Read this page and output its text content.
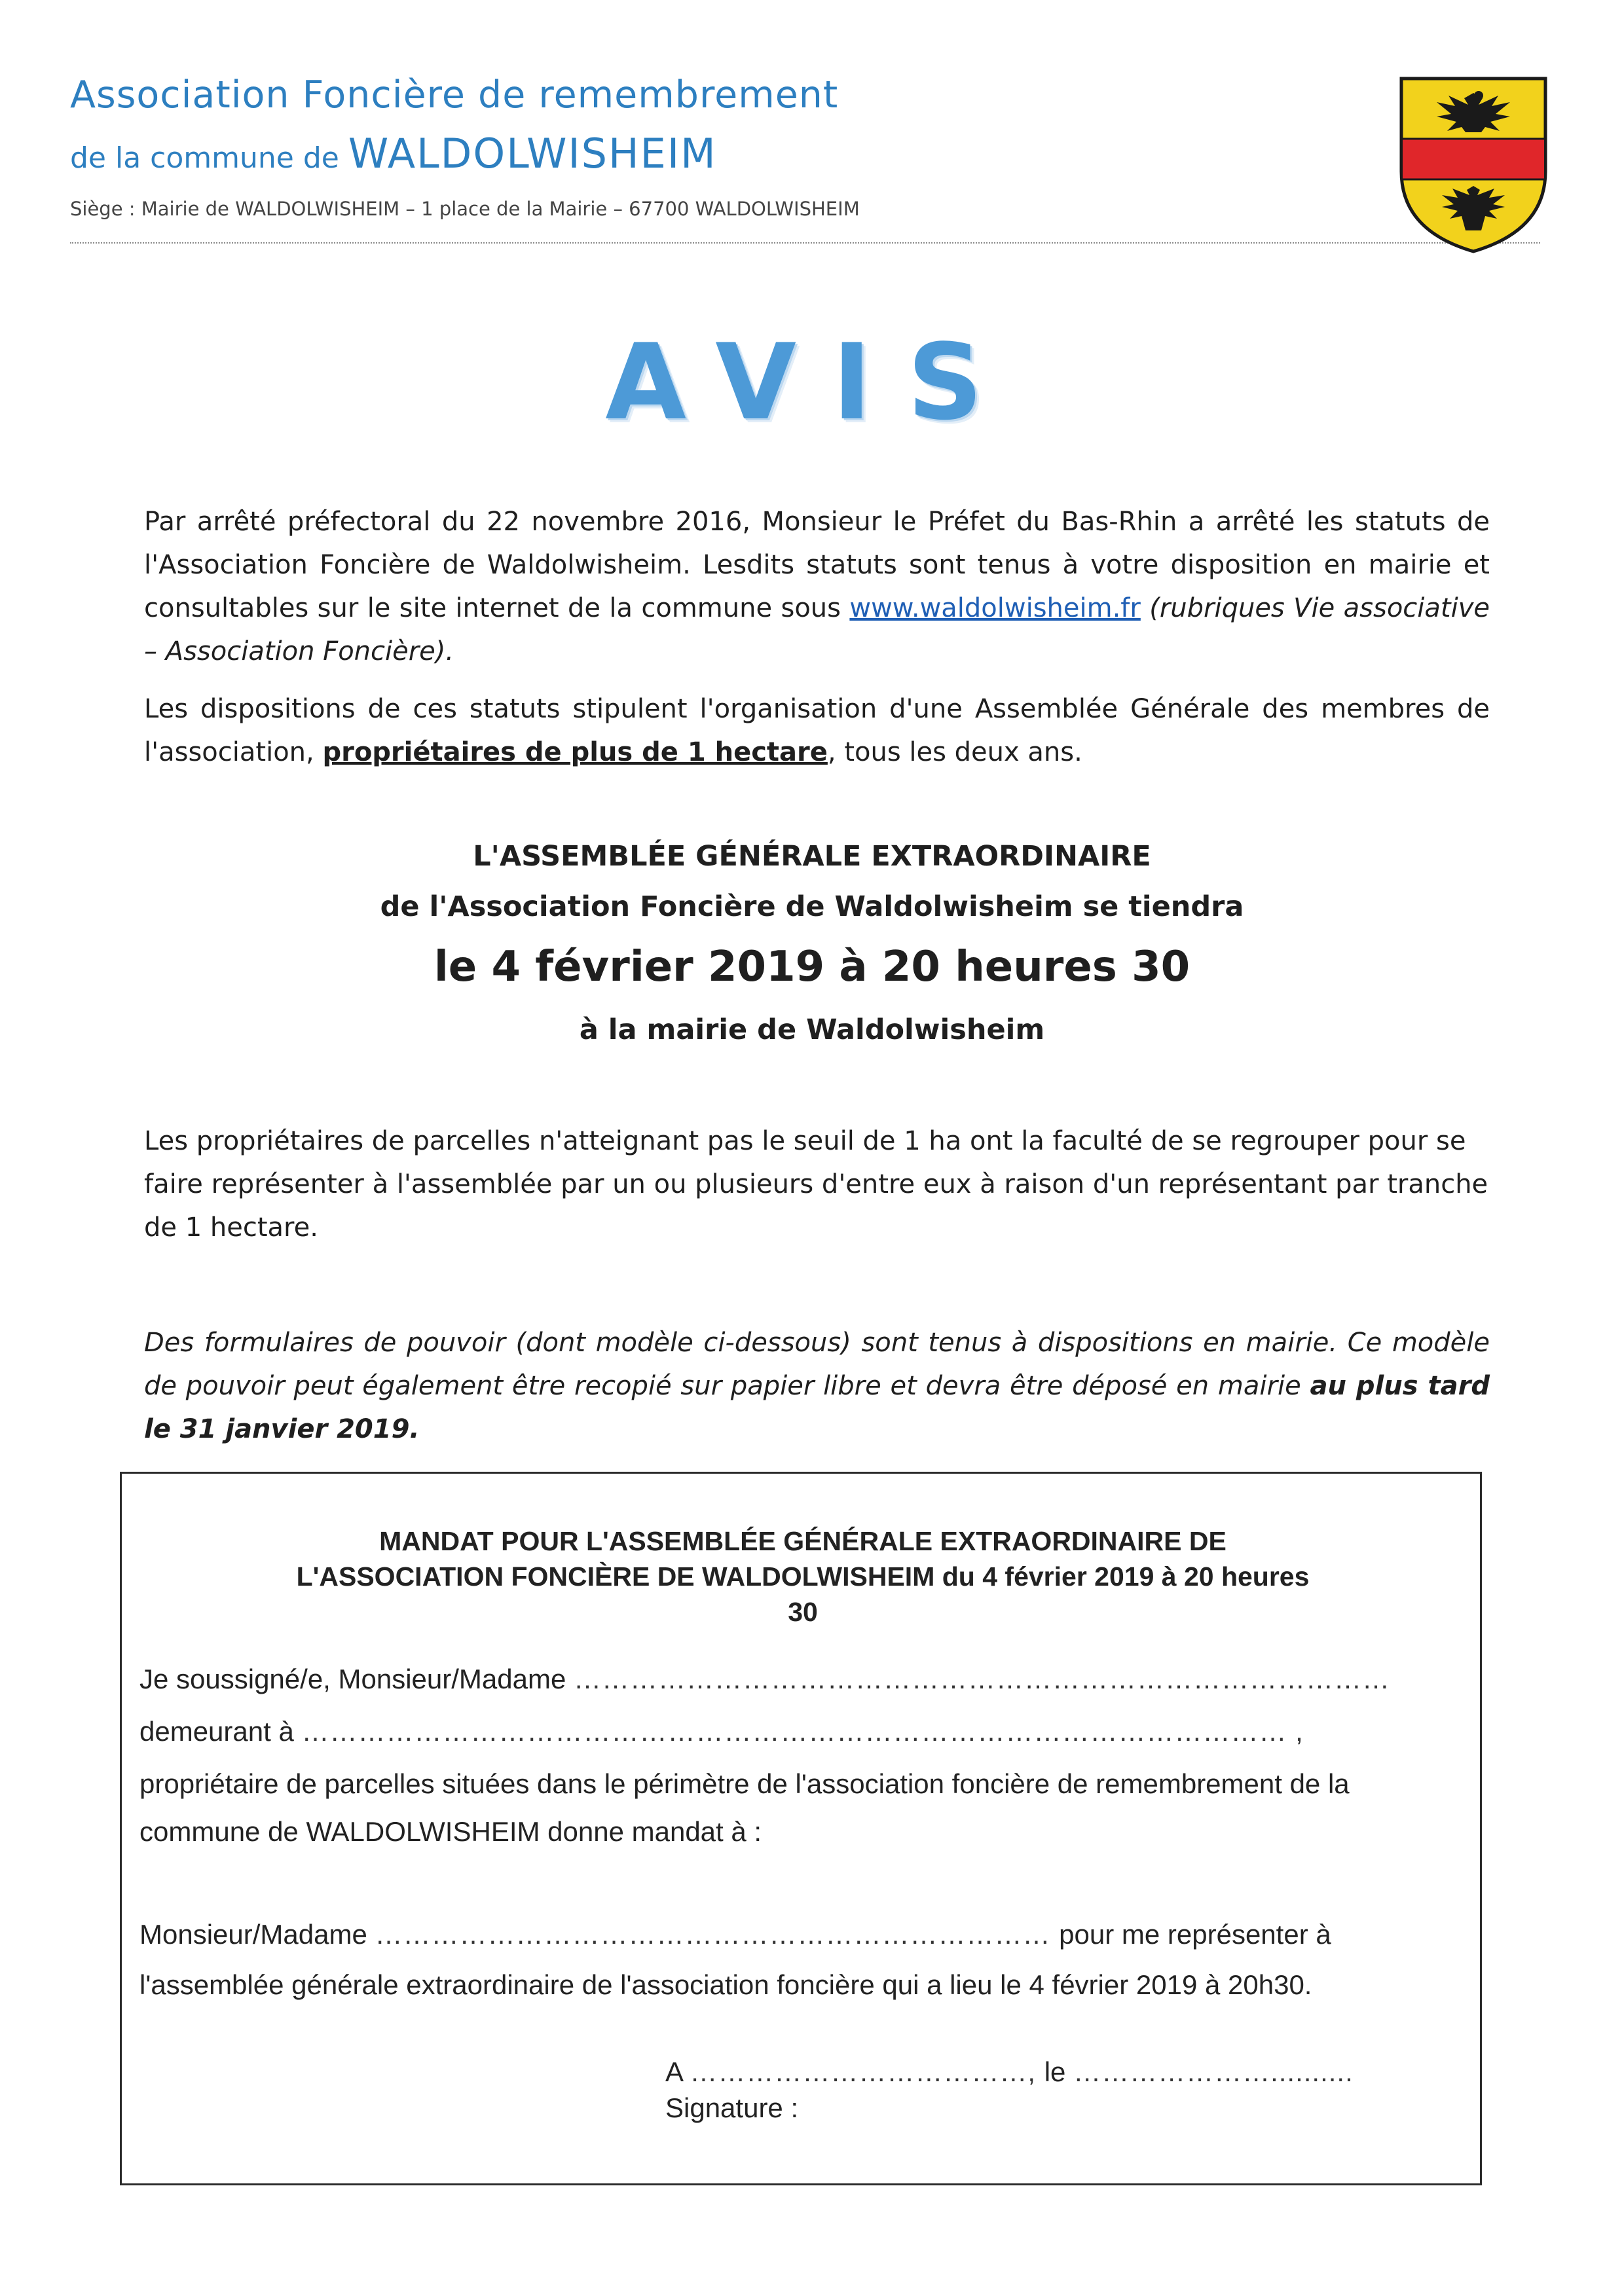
Association Foncière de remembrement
de la commune de WALDOLWISHEIM
Siège : Mairie de WALDOLWISHEIM – 1 place de la Mairie – 67700 WALDOLWISHEIM
AVIS
Par arrêté préfectoral du 22 novembre 2016, Monsieur le Préfet du Bas-Rhin a arrêté les statuts de l'Association Foncière de Waldolwisheim. Lesdits statuts sont tenus à votre disposition en mairie et consultables sur le site internet de la commune sous www.waldolwisheim.fr (rubriques Vie associative – Association Foncière).
Les dispositions de ces statuts stipulent l'organisation d'une Assemblée Générale des membres de l'association, propriétaires de plus de 1 hectare, tous les deux ans.
L'ASSEMBLÉE GÉNÉRALE EXTRAORDINAIRE
de l'Association Foncière de Waldolwisheim se tiendra
le 4 février 2019 à 20 heures 30
à la mairie de Waldolwisheim
Les propriétaires de parcelles n'atteignant pas le seuil de 1 ha ont la faculté de se regrouper pour se faire représenter à l'assemblée par un ou plusieurs d'entre eux à raison d'un représentant par tranche de 1 hectare.
Des formulaires de pouvoir (dont modèle ci-dessous) sont tenus à dispositions en mairie. Ce modèle de pouvoir peut également être recopié sur papier libre et devra être déposé en mairie au plus tard le 31 janvier 2019.
MANDAT POUR L'ASSEMBLÉE GÉNÉRALE EXTRAORDINAIRE DE
L'ASSOCIATION FONCIÈRE DE WALDOLWISHEIM du 4 février 2019 à 20 heures
30
Je soussigné/e, Monsieur/Madame ……………………………………………………………………………
demeurant à …………………………………………………………………………………………… ,
propriétaire de parcelles situées dans le périmètre de l'association foncière de remembrement de la
commune de WALDOLWISHEIM donne mandat à :
Monsieur/Madame ……………………………………………………………… pour me représenter à
l'assemblée générale extraordinaire de l'association foncière qui a lieu le 4 février 2019 à 20h30.
A ………………………………, le …………………..........
Signature :
